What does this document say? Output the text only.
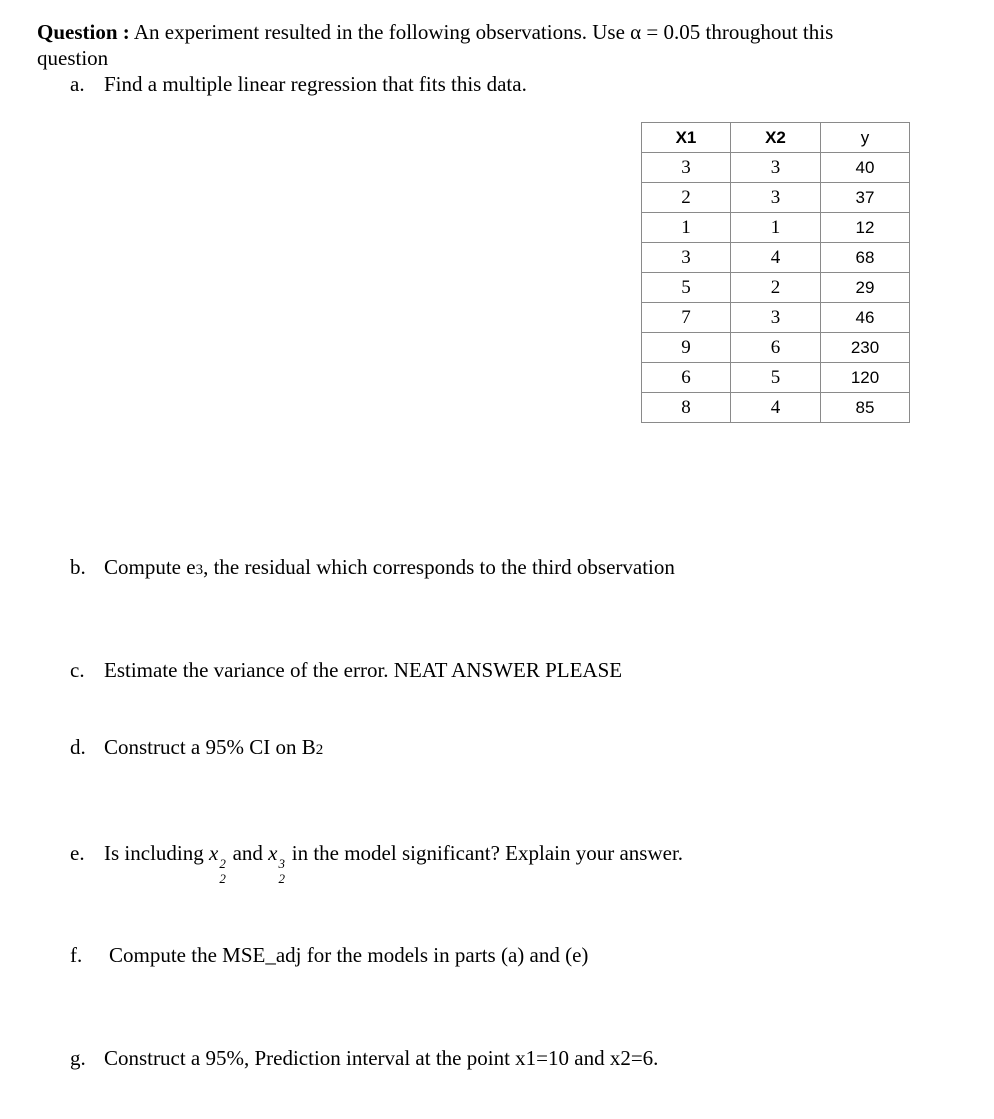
Question : An experiment resulted in the following observations. Use α = 0.05 throughout this
question
a. Find a multiple linear regression that fits this data.
X1	X2	y
3	3	40
2	3	37
1	1	12
3	4	68
5	2	29
7	3	46
9	6	230
6	5	120
8	4	85
b. Compute e3, the residual which corresponds to the third observation
c. Estimate the variance of the error. NEAT ANSWER PLEASE
d. Construct a 95% CI on B2
e. Is including x 2
2
and x 3
2
in the model significant? Explain your answer.
f. Compute the MSE_adj for the models in parts (a) and (e)
g. Construct a 95%, Prediction interval at the point x1=10 and x2=6.
